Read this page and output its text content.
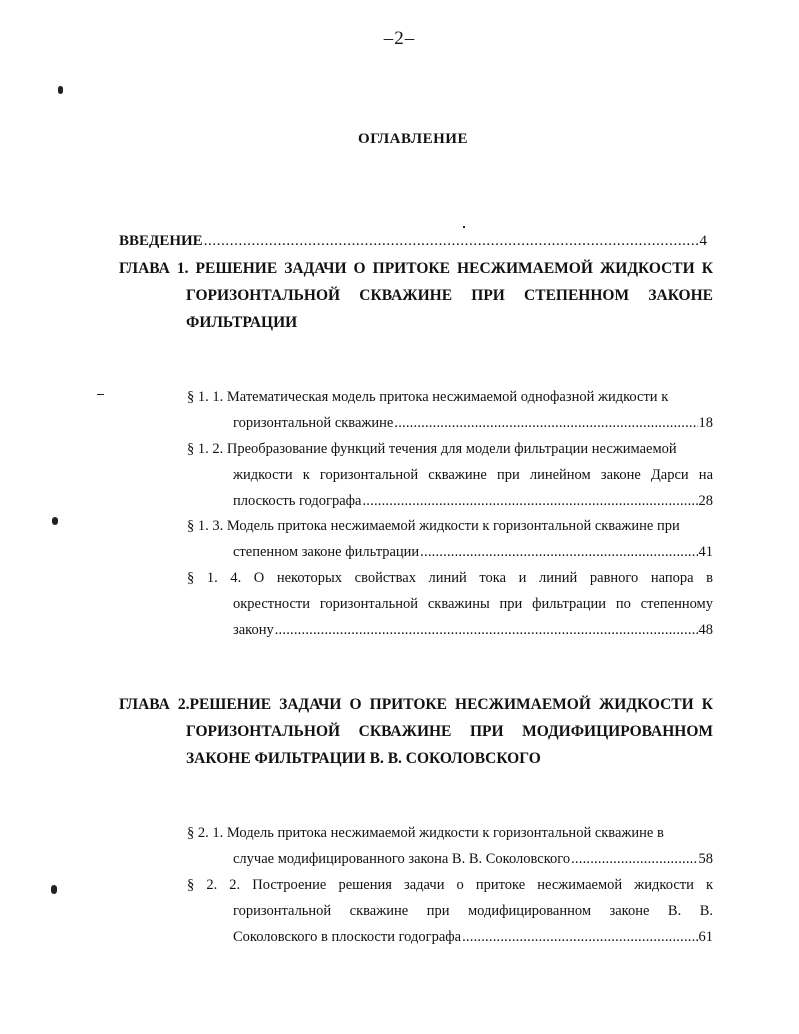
–2–
ОГЛАВЛЕНИЕ
ВВЕДЕНИЕ .....	4
ГЛАВА 1. РЕШЕНИЕ ЗАДАЧИ О ПРИТОКЕ НЕСЖИМАЕМОЙ ЖИДКОСТИ К
ГОРИЗОНТАЛЬНОЙ СКВАЖИНЕ ПРИ СТЕПЕННОМ ЗАКОНЕ
ФИЛЬТРАЦИИ
§ 1. 1. Математическая модель притока несжимаемой однофазной жидкости к
горизонтальной скважине .....	18
§ 1. 2. Преобразование функций течения для модели фильтрации несжимаемой
жидкости к горизонтальной скважине при линейном законе Дарси на
плоскость годографа .....	28
§ 1. 3. Модель притока несжимаемой жидкости к горизонтальной скважине при
степенном законе фильтрации .....	41
§ 1. 4. О некоторых свойствах линий тока и линий равного напора в
окрестности горизонтальной скважины при фильтрации по степенному
закону .....	48
ГЛАВА 2.РЕШЕНИЕ ЗАДАЧИ О ПРИТОКЕ НЕСЖИМАЕМОЙ ЖИДКОСТИ К
ГОРИЗОНТАЛЬНОЙ СКВАЖИНЕ ПРИ МОДИФИЦИРОВАННОМ
ЗАКОНЕ ФИЛЬТРАЦИИ В. В. СОКОЛОВСКОГО
§ 2. 1. Модель притока несжимаемой жидкости к горизонтальной скважине в
случае модифицированного закона В. В. Соколовского .....	58
§ 2. 2. Построение решения задачи о притоке несжимаемой жидкости к
горизонтальной скважине при модифицированном законе В. В.
Соколовского в плоскости годографа .....	61
